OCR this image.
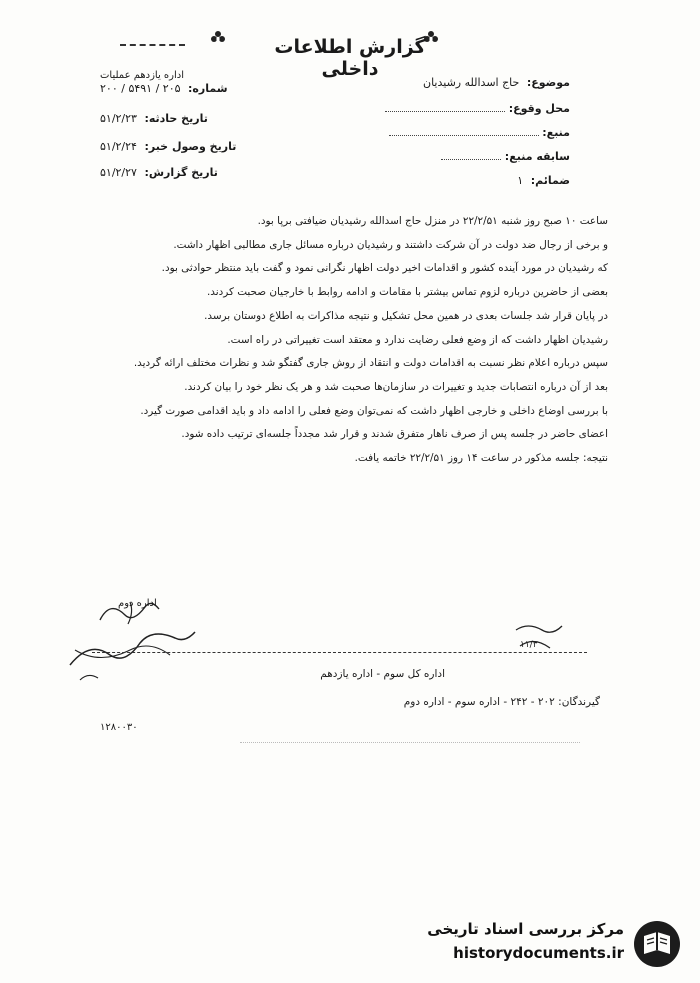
گزارش اطلاعات داخلی
اداره یازدهم عملیات
شماره: ۲۰۵ / ۵۴۹۱ / ۲۰۰
تاریخ حادثه: ۵۱/۲/۲۳
تاریخ وصول خبر: ۵۱/۲/۲۴
تاریخ گزارش: ۵۱/۲/۲۷
موضوع: حاج اسدالله رشیدیان
محل وقوع:
منبع:
سابقه منبع:
ضمائم: ۱

ساعت ۱۰ صبح روز شنبه ۲۲/۲/۵۱ در منزل حاج اسدالله رشیدیان ضیافتی برپا بود.

و برخی از رجال ضد دولت در آن شرکت داشتند و رشیدیان درباره مسائل جاری مطالبی اظهار داشت.

که رشیدیان در مورد آینده کشور و اقدامات اخیر دولت اظهار نگرانی نمود و گفت باید منتظر حوادثی بود.

بعضی از حاضرین درباره لزوم تماس بیشتر با مقامات و ادامه روابط با خارجیان صحبت کردند.

در پایان قرار شد جلسات بعدی در همین محل تشکیل و نتیجه مذاکرات به اطلاع دوستان برسد.

رشیدیان اظهار داشت که از وضع فعلی رضایت ندارد و معتقد است تغییراتی در راه است.

سپس درباره اعلام نظر نسبت به اقدامات دولت و انتقاد از روش جاری گفتگو شد و نظرات مختلف ارائه گردید.

بعد از آن درباره انتصابات جدید و تغییرات در سازمان‌ها صحبت شد و هر یک نظر خود را بیان کردند.

با بررسی اوضاع داخلی و خارجی اظهار داشت که نمی‌توان وضع فعلی را ادامه داد و باید اقدامی صورت گیرد.

اعضای حاضر در جلسه پس از صرف ناهار متفرق شدند و قرار شد مجدداً جلسه‌ای ترتیب داده شود.

نتیجه: جلسه مذکور در ساعت ۱۴ روز ۲۲/۲/۵۱ خاتمه یافت.

اداره دوم
۱۱/۳
اداره کل سوم - اداره یازدهم
گیرندگان: ۲۰۲ - ۲۴۲ - اداره سوم - اداره دوم
۱۲۸۰۰۳۰
مرکز بررسی اسناد تاریخی
historydocuments.ir
